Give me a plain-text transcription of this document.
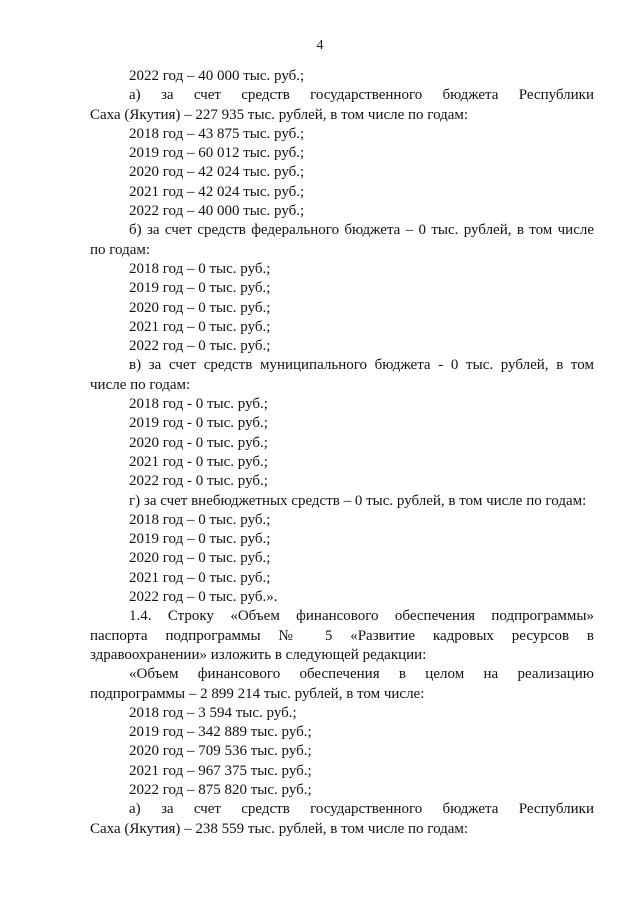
4
2022 год – 40 000 тыс. руб.;
а) за счет средств государственного бюджета Республики
Саха (Якутия) – 227 935 тыс. рублей, в том числе по годам:
2018 год – 43 875 тыс. руб.;
2019 год – 60 012 тыс. руб.;
2020 год – 42 024 тыс. руб.;
2021 год – 42 024 тыс. руб.;
2022 год – 40 000 тыс. руб.;
б) за счет средств федерального бюджета – 0 тыс. рублей, в том числе
по годам:
2018 год – 0 тыс. руб.;
2019 год – 0 тыс. руб.;
2020 год – 0 тыс. руб.;
2021 год – 0 тыс. руб.;
2022 год – 0 тыс. руб.;
в) за счет средств муниципального бюджета - 0 тыс. рублей, в том
числе по годам:
2018 год - 0 тыс. руб.;
2019 год - 0 тыс. руб.;
2020 год - 0 тыс. руб.;
2021 год - 0 тыс. руб.;
2022 год - 0 тыс. руб.;
г) за счет внебюджетных средств – 0 тыс. рублей, в том числе по годам:
2018 год – 0 тыс. руб.;
2019 год – 0 тыс. руб.;
2020 год – 0 тыс. руб.;
2021 год – 0 тыс. руб.;
2022 год – 0 тыс. руб.».
1.4. Строку «Объем финансового обеспечения подпрограммы»
паспорта подпрограммы № 5 «Развитие кадровых ресурсов в
здравоохранении» изложить в следующей редакции:
«Объем финансового обеспечения в целом на реализацию
подпрограммы – 2 899 214 тыс. рублей, в том числе:
2018 год – 3 594 тыс. руб.;
2019 год – 342 889 тыс. руб.;
2020 год – 709 536 тыс. руб.;
2021 год – 967 375 тыс. руб.;
2022 год – 875 820 тыс. руб.;
а) за счет средств государственного бюджета Республики
Саха (Якутия) – 238 559 тыс. рублей, в том числе по годам:
